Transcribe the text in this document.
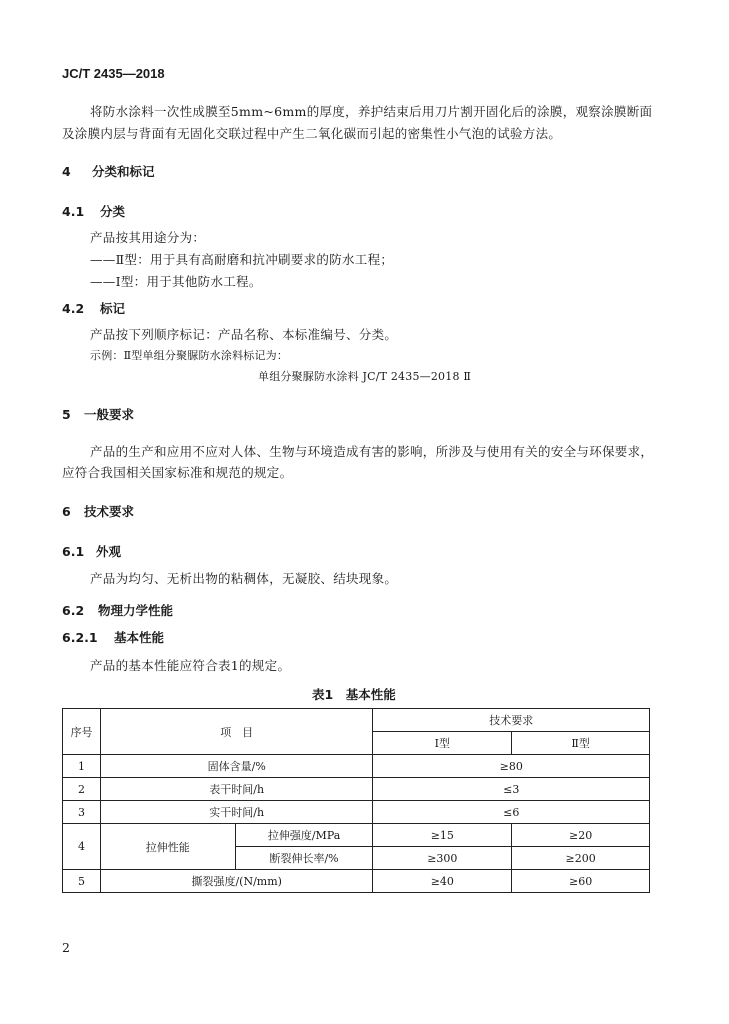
JC/T 2435—2018
将防水涂料一次性成膜至5mm~6mm的厚度，养护结束后用刀片割开固化后的涂膜，观察涂膜断面
及涂膜内层与背面有无固化交联过程中产生二氧化碳而引起的密集性小气泡的试验方法。
4 分类和标记
4.1 分类
产品按其用途分为：
——Ⅱ型：用于具有高耐磨和抗冲刷要求的防水工程；
——Ⅰ型：用于其他防水工程。
4.2 标记
产品按下列顺序标记：产品名称、本标准编号、分类。
示例：Ⅱ型单组分聚脲防水涂料标记为：
单组分聚脲防水涂料 JC/T 2435—2018 Ⅱ
5 一般要求
产品的生产和应用不应对人体、生物与环境造成有害的影响，所涉及与使用有关的安全与环保要求，
应符合我国相关国家标准和规范的规定。
6 技术要求
6.1 外观
产品为均匀、无析出物的粘稠体，无凝胶、结块现象。
6.2 物理力学性能
6.2.1 基本性能
产品的基本性能应符合表1的规定。
表1　基本性能
序号	项　目		技术要求	
			Ⅰ型	Ⅱ型
1	固体含量/%		≥80	
2	表干时间/h		≤3	
3	实干时间/h		≤6	
4	拉伸性能	拉伸强度/MPa	≥15	≥20
		断裂伸长率/%	≥300	≥200
5	撕裂强度/(N/mm)		≥40	≥60
2
